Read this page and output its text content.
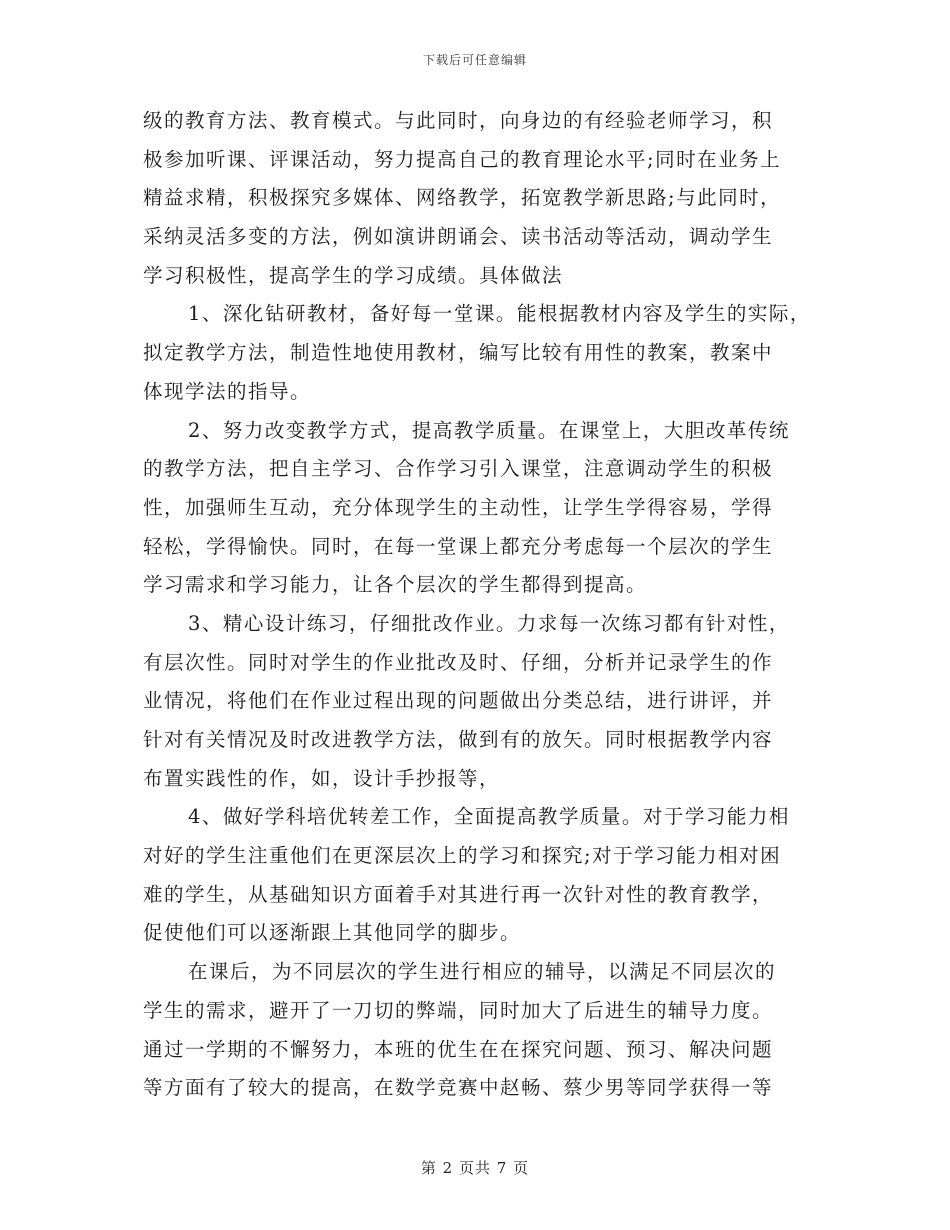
下载后可任意编辑
级的教育方法、教育模式。与此同时，向身边的有经验老师学习，积
极参加听课、评课活动，努力提高自己的教育理论水平;同时在业务上
精益求精，积极探究多媒体、网络教学，拓宽教学新思路;与此同时，
采纳灵活多变的方法，例如演讲朗诵会、读书活动等活动，调动学生
学习积极性，提高学生的学习成绩。具体做法
1、深化钻研教材，备好每一堂课。能根据教材内容及学生的实际，
拟定教学方法，制造性地使用教材，编写比较有用性的教案，教案中
体现学法的指导。
2、努力改变教学方式，提高教学质量。在课堂上，大胆改革传统
的教学方法，把自主学习、合作学习引入课堂，注意调动学生的积极
性，加强师生互动，充分体现学生的主动性，让学生学得容易，学得
轻松，学得愉快。同时，在每一堂课上都充分考虑每一个层次的学生
学习需求和学习能力，让各个层次的学生都得到提高。
3、精心设计练习，仔细批改作业。力求每一次练习都有针对性，
有层次性。同时对学生的作业批改及时、仔细，分析并记录学生的作
业情况，将他们在作业过程出现的问题做出分类总结，进行讲评，并
针对有关情况及时改进教学方法，做到有的放矢。同时根据教学内容
布置实践性的作，如，设计手抄报等，
4、做好学科培优转差工作，全面提高教学质量。对于学习能力相
对好的学生注重他们在更深层次上的学习和探究;对于学习能力相对困
难的学生，从基础知识方面着手对其进行再一次针对性的教育教学，
促使他们可以逐渐跟上其他同学的脚步。
在课后，为不同层次的学生进行相应的辅导，以满足不同层次的
学生的需求，避开了一刀切的弊端，同时加大了后进生的辅导力度。
通过一学期的不懈努力，本班的优生在在探究问题、预习、解决问题
等方面有了较大的提高，在数学竞赛中赵畅、蔡少男等同学获得一等
第 2 页共 7 页
